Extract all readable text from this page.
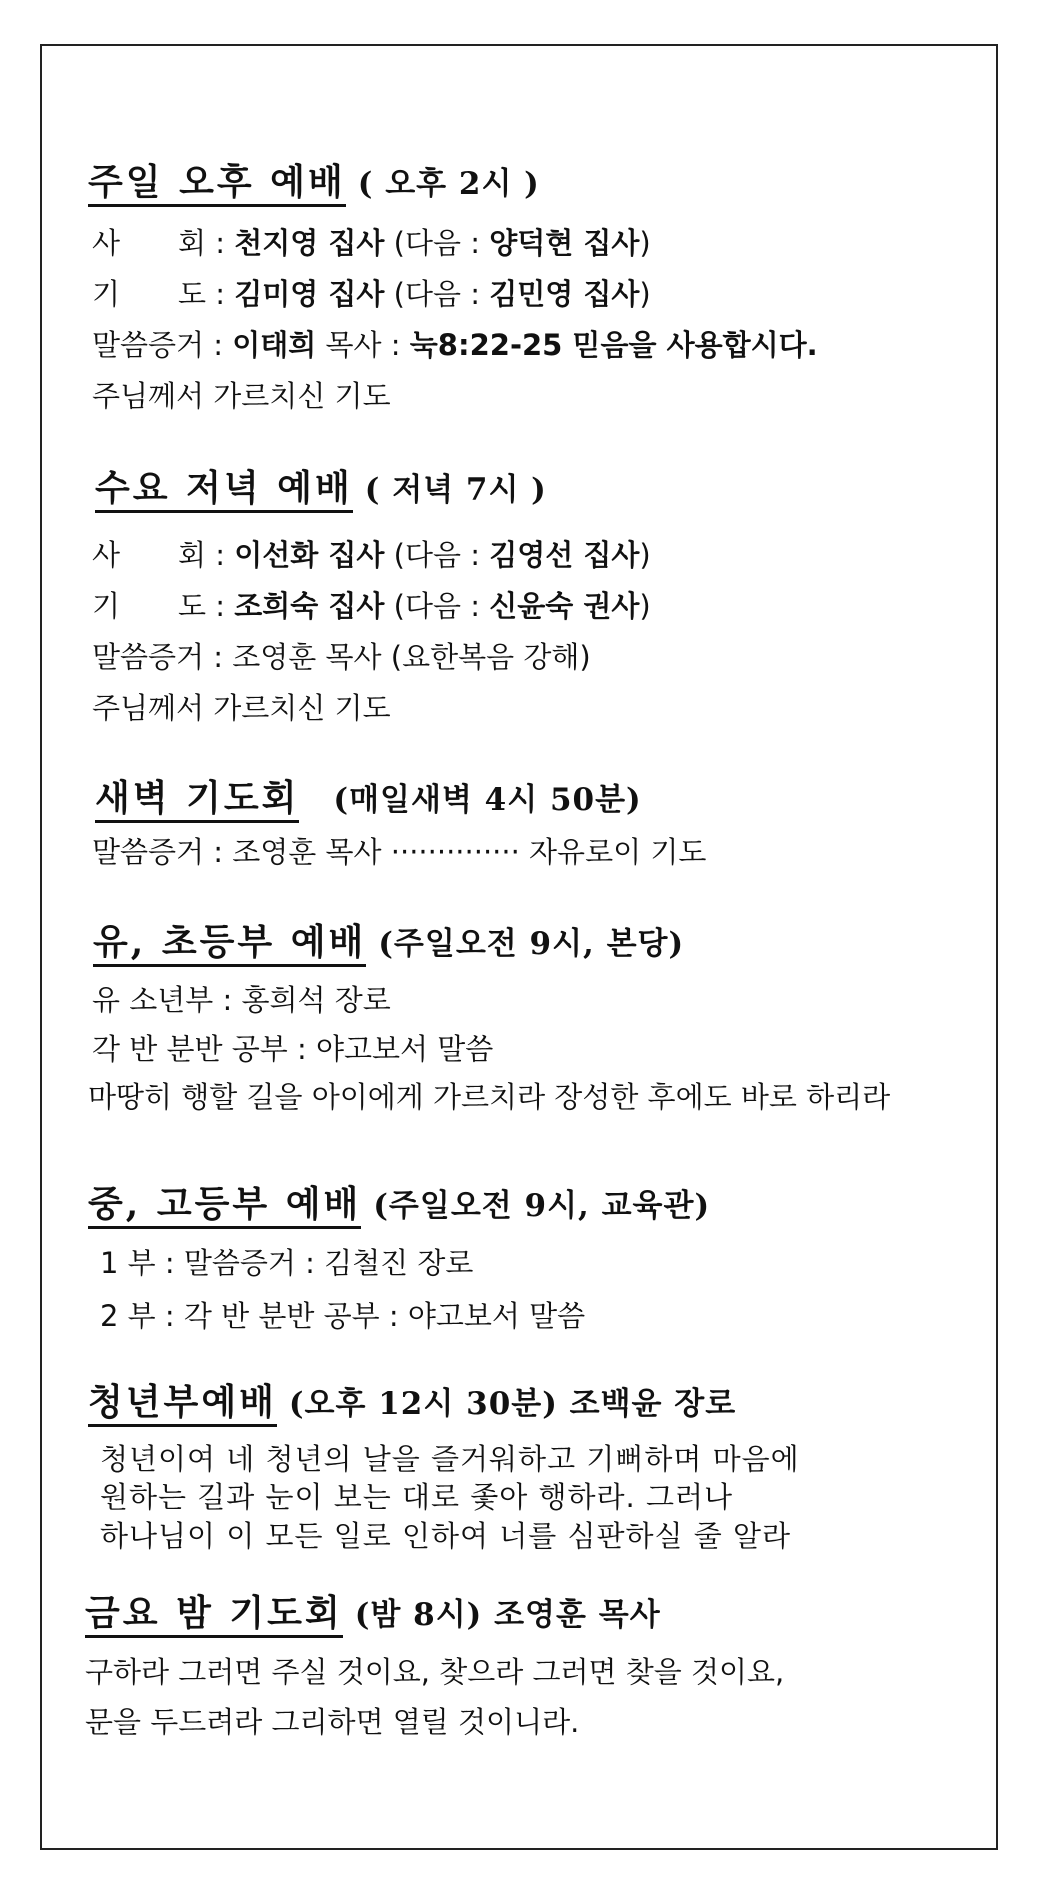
주일 오후 예배 ( 오후 2시 )
사 회 : 천지영 집사 (다음 : 양덕현 집사)
기 도 : 김미영 집사 (다음 : 김민영 집사)
말씀증거 : 이태희 목사 : 눅8:22-25 믿음을 사용합시다.
주님께서 가르치신 기도
수요 저녁 예배 ( 저녁 7시 )
사 회 : 이선화 집사 (다음 : 김영선 집사)
기 도 : 조희숙 집사 (다음 : 신윤숙 권사)
말씀증거 : 조영훈 목사 (요한복음 강해)
주님께서 가르치신 기도
새벽 기도회 (매일새벽 4시 50분)
말씀증거 : 조영훈 목사 ·············· 자유로이 기도
유, 초등부 예배 (주일오전 9시, 본당)
유 소년부 : 홍희석 장로
각 반 분반 공부 : 야고보서 말씀
마땅히 행할 길을 아이에게 가르치라 장성한 후에도 바로 하리라
중, 고등부 예배 (주일오전 9시, 교육관)
1 부 : 말씀증거 : 김철진 장로
2 부 : 각 반 분반 공부 : 야고보서 말씀
청년부예배 (오후 12시 30분) 조백윤 장로
청년이여 네 청년의 날을 즐거워하고 기뻐하며 마음에
원하는 길과 눈이 보는 대로 좇아 행하라. 그러나
하나님이 이 모든 일로 인하여 너를 심판하실 줄 알라
금요 밤 기도회 (밤 8시) 조영훈 목사
구하라 그러면 주실 것이요, 찾으라 그러면 찾을 것이요,
문을 두드려라 그리하면 열릴 것이니라.
